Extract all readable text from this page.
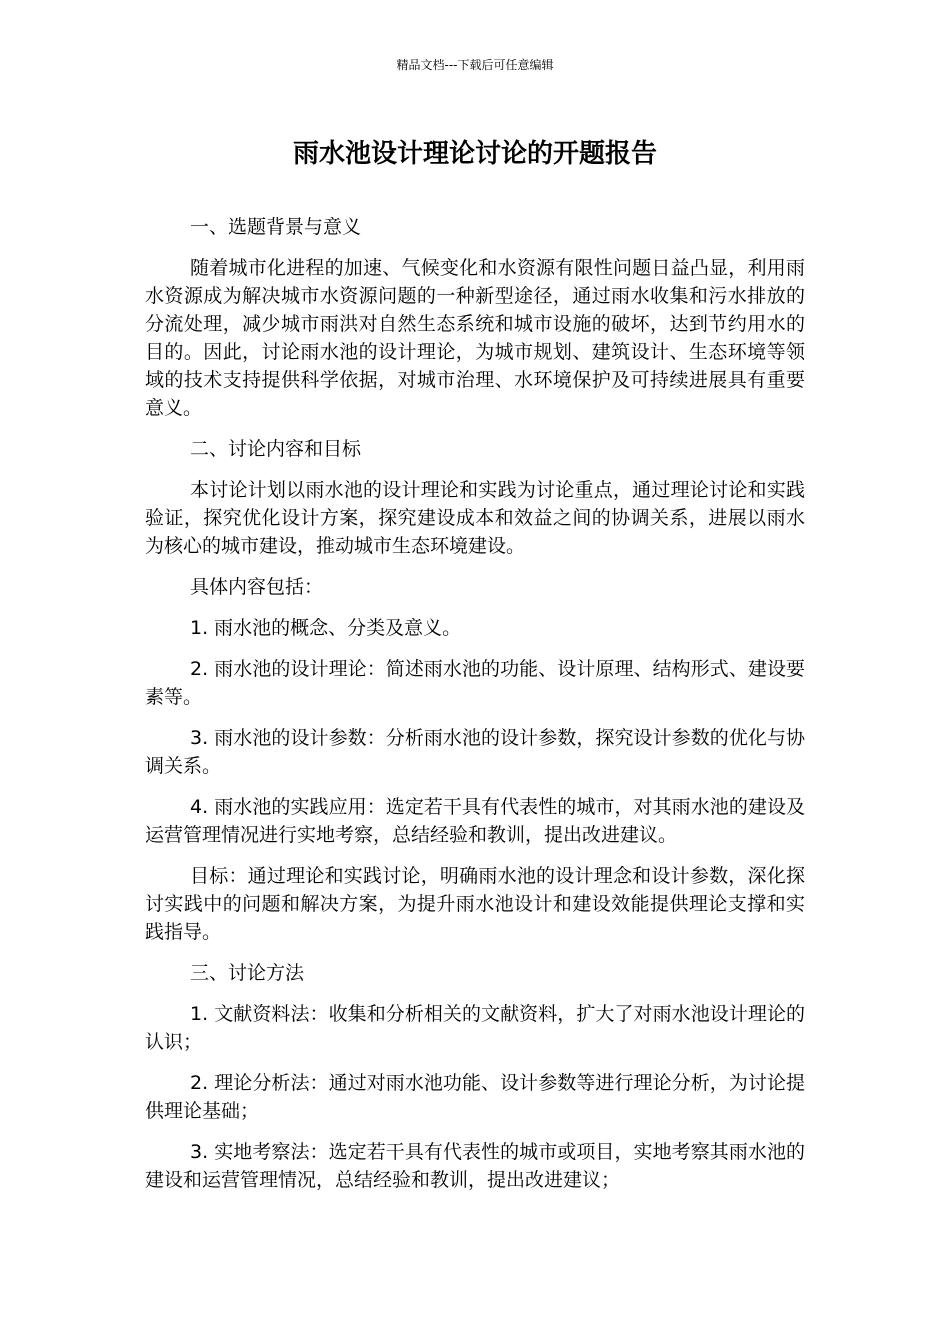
精品文档---下载后可任意编辑
雨水池设计理论讨论的开题报告

一、选题背景与意义

随着城市化进程的加速、气候变化和水资源有限性问题日益凸显，利用雨水资源成为解决城市水资源问题的一种新型途径，通过雨水收集和污水排放的分流处理，减少城市雨洪对自然生态系统和城市设施的破坏，达到节约用水的目的。因此，讨论雨水池的设计理论，为城市规划、建筑设计、生态环境等领域的技术支持提供科学依据，对城市治理、水环境保护及可持续进展具有重要意义。

二、讨论内容和目标

本讨论计划以雨水池的设计理论和实践为讨论重点，通过理论讨论和实践验证，探究优化设计方案，探究建设成本和效益之间的协调关系，进展以雨水为核心的城市建设，推动城市生态环境建设。

具体内容包括：

1. 雨水池的概念、分类及意义。

2. 雨水池的设计理论：简述雨水池的功能、设计原理、结构形式、建设要素等。

3. 雨水池的设计参数：分析雨水池的设计参数，探究设计参数的优化与协调关系。

4. 雨水池的实践应用：选定若干具有代表性的城市，对其雨水池的建设及运营管理情况进行实地考察，总结经验和教训，提出改进建议。

目标：通过理论和实践讨论，明确雨水池的设计理念和设计参数，深化探讨实践中的问题和解决方案，为提升雨水池设计和建设效能提供理论支撑和实践指导。

三、讨论方法

1. 文献资料法：收集和分析相关的文献资料，扩大了对雨水池设计理论的认识；

2. 理论分析法：通过对雨水池功能、设计参数等进行理论分析，为讨论提供理论基础；

3. 实地考察法：选定若干具有代表性的城市或项目，实地考察其雨水池的建设和运营管理情况，总结经验和教训，提出改进建议；
